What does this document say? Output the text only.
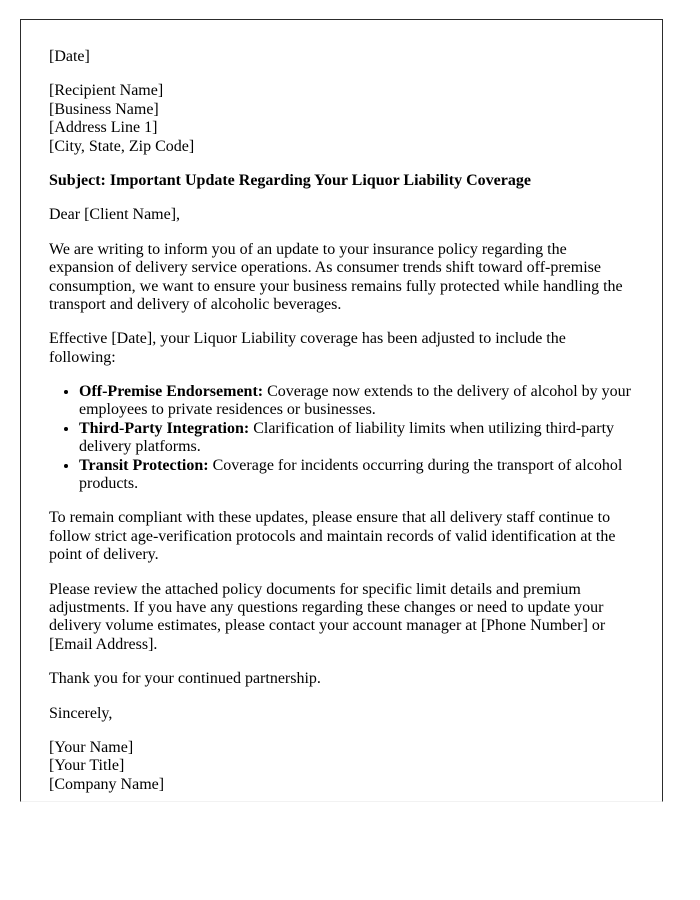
[Date]

[Recipient Name]
[Business Name]
[Address Line 1]
[City, State, Zip Code]

Subject: Important Update Regarding Your Liquor Liability Coverage

Dear [Client Name],

We are writing to inform you of an update to your insurance policy regarding the expansion of delivery service operations. As consumer trends shift toward off-premise consumption, we want to ensure your business remains fully protected while handling the transport and delivery of alcoholic beverages.

Effective [Date], your Liquor Liability coverage has been adjusted to include the following:

• Off-Premise Endorsement: Coverage now extends to the delivery of alcohol by your employees to private residences or businesses.
• Third-Party Integration: Clarification of liability limits when utilizing third-party delivery platforms.
• Transit Protection: Coverage for incidents occurring during the transport of alcohol products.

To remain compliant with these updates, please ensure that all delivery staff continue to follow strict age-verification protocols and maintain records of valid identification at the point of delivery.

Please review the attached policy documents for specific limit details and premium adjustments. If you have any questions regarding these changes or need to update your delivery volume estimates, please contact your account manager at [Phone Number] or [Email Address].

Thank you for your continued partnership.

Sincerely,

[Your Name]
[Your Title]
[Company Name]
